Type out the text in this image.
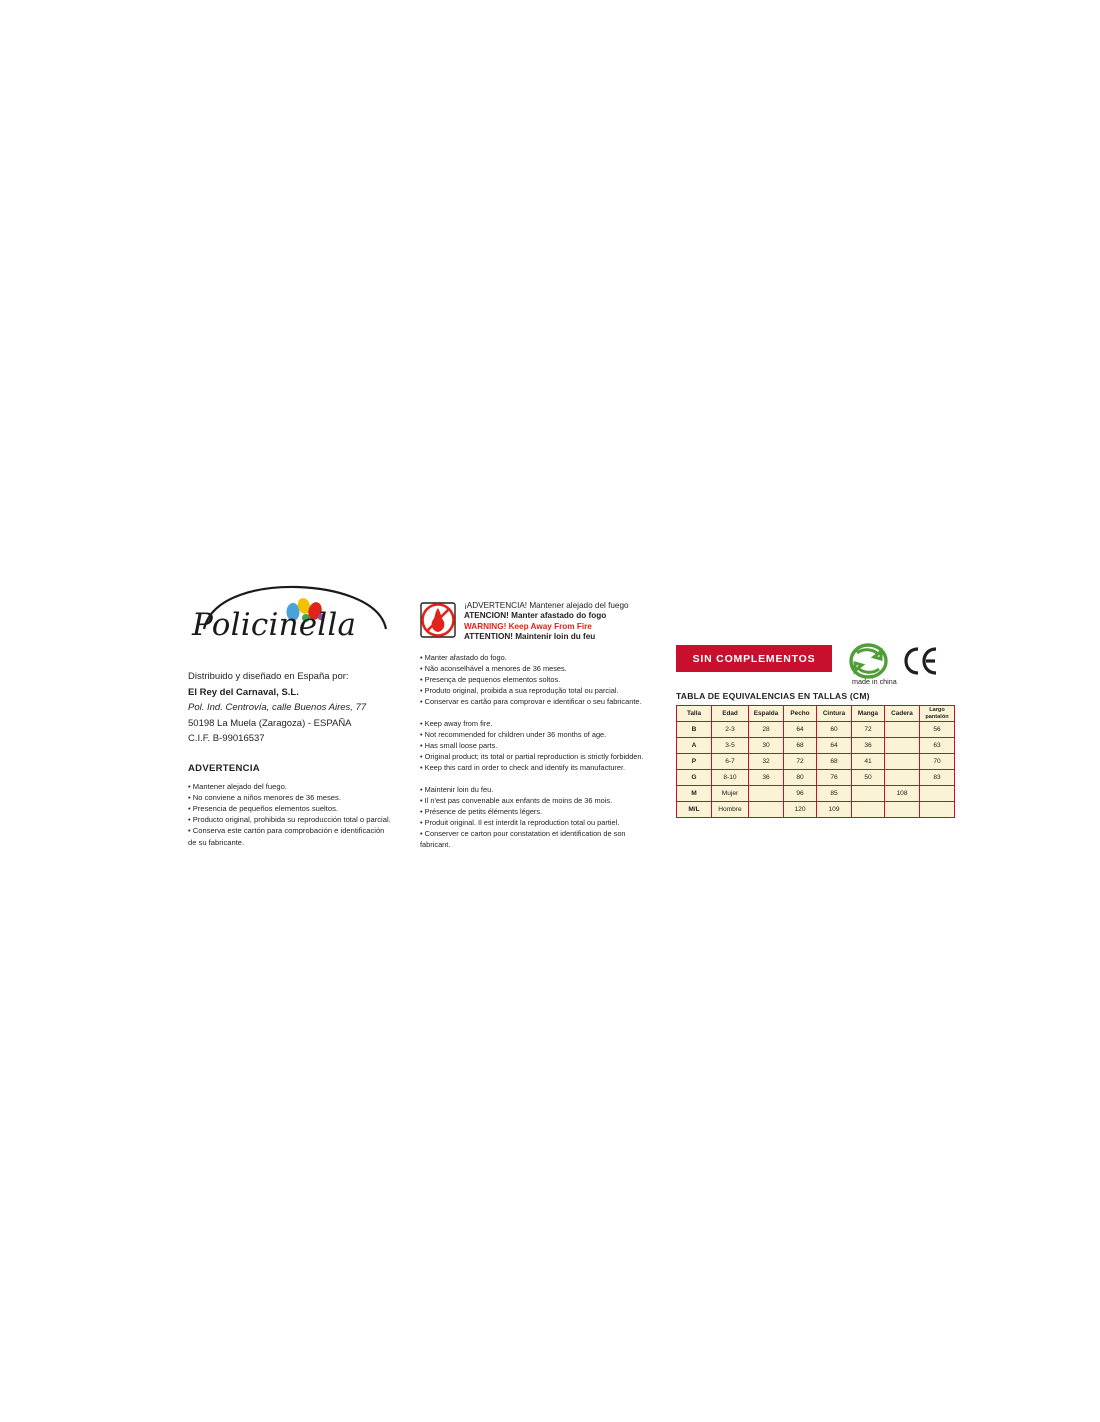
Policinella
Distribuido y diseñado en España por:
El Rey del Carnaval, S.L.
Pol. Ind. Centrovía, calle Buenos Aires, 77
50198 La Muela (Zaragoza) - ESPAÑA
C.I.F. B-99016537
ADVERTENCIA
• Mantener alejado del fuego.
• No conviene a niños menores de 36 meses.
• Presencia de pequeños elementos sueltos.
• Producto original, prohibida su reproducción total o parcial.
• Conserva este cartón para comprobación e identificación
de su fabricante.
¡ADVERTENCIA! Mantener alejado del fuego
ATENCION! Manter afastado do fogo
WARNING! Keep Away From Fire
ATTENTION! Maintenir loin du feu
• Manter afastado do fogo.
• Não aconselhável a menores de 36 meses.
• Presença de pequenos elementos soltos.
• Produto original, proibida a sua reprodução total ou parcial.
• Conservar es cartão para comprovar e identificar o seu fabricante.
• Keep away from fire.
• Not recommended for children under 36 months of age.
• Has small loose parts.
• Original product; its total or partial reproduction is strictly forbidden.
• Keep this card in order to check and identify its manufacturer.
• Maintenir loin du feu.
• Il n'est pas convenable aux enfants de moins de 36 mois.
• Présence de petits éléments légers.
• Produit original. Il est interdit la reproduction total ou partiel.
• Conserver ce carton pour constatation et identification de son
fabricant.
SIN COMPLEMENTOS
made in china
TABLA DE EQUIVALENCIAS EN TALLAS (CM)
Talla	Edad	Espalda	Pecho	Cintura	Manga	Cadera	Largo
pantalón

B	2-3	28	64	60	72		56
A	3-5	30	68	64	36		63
P	6-7	32	72	68	41		70
G	8-10	36	80	76	50		83
M	Mujer		96	85		108	
M/L	Hombre		120	109			
